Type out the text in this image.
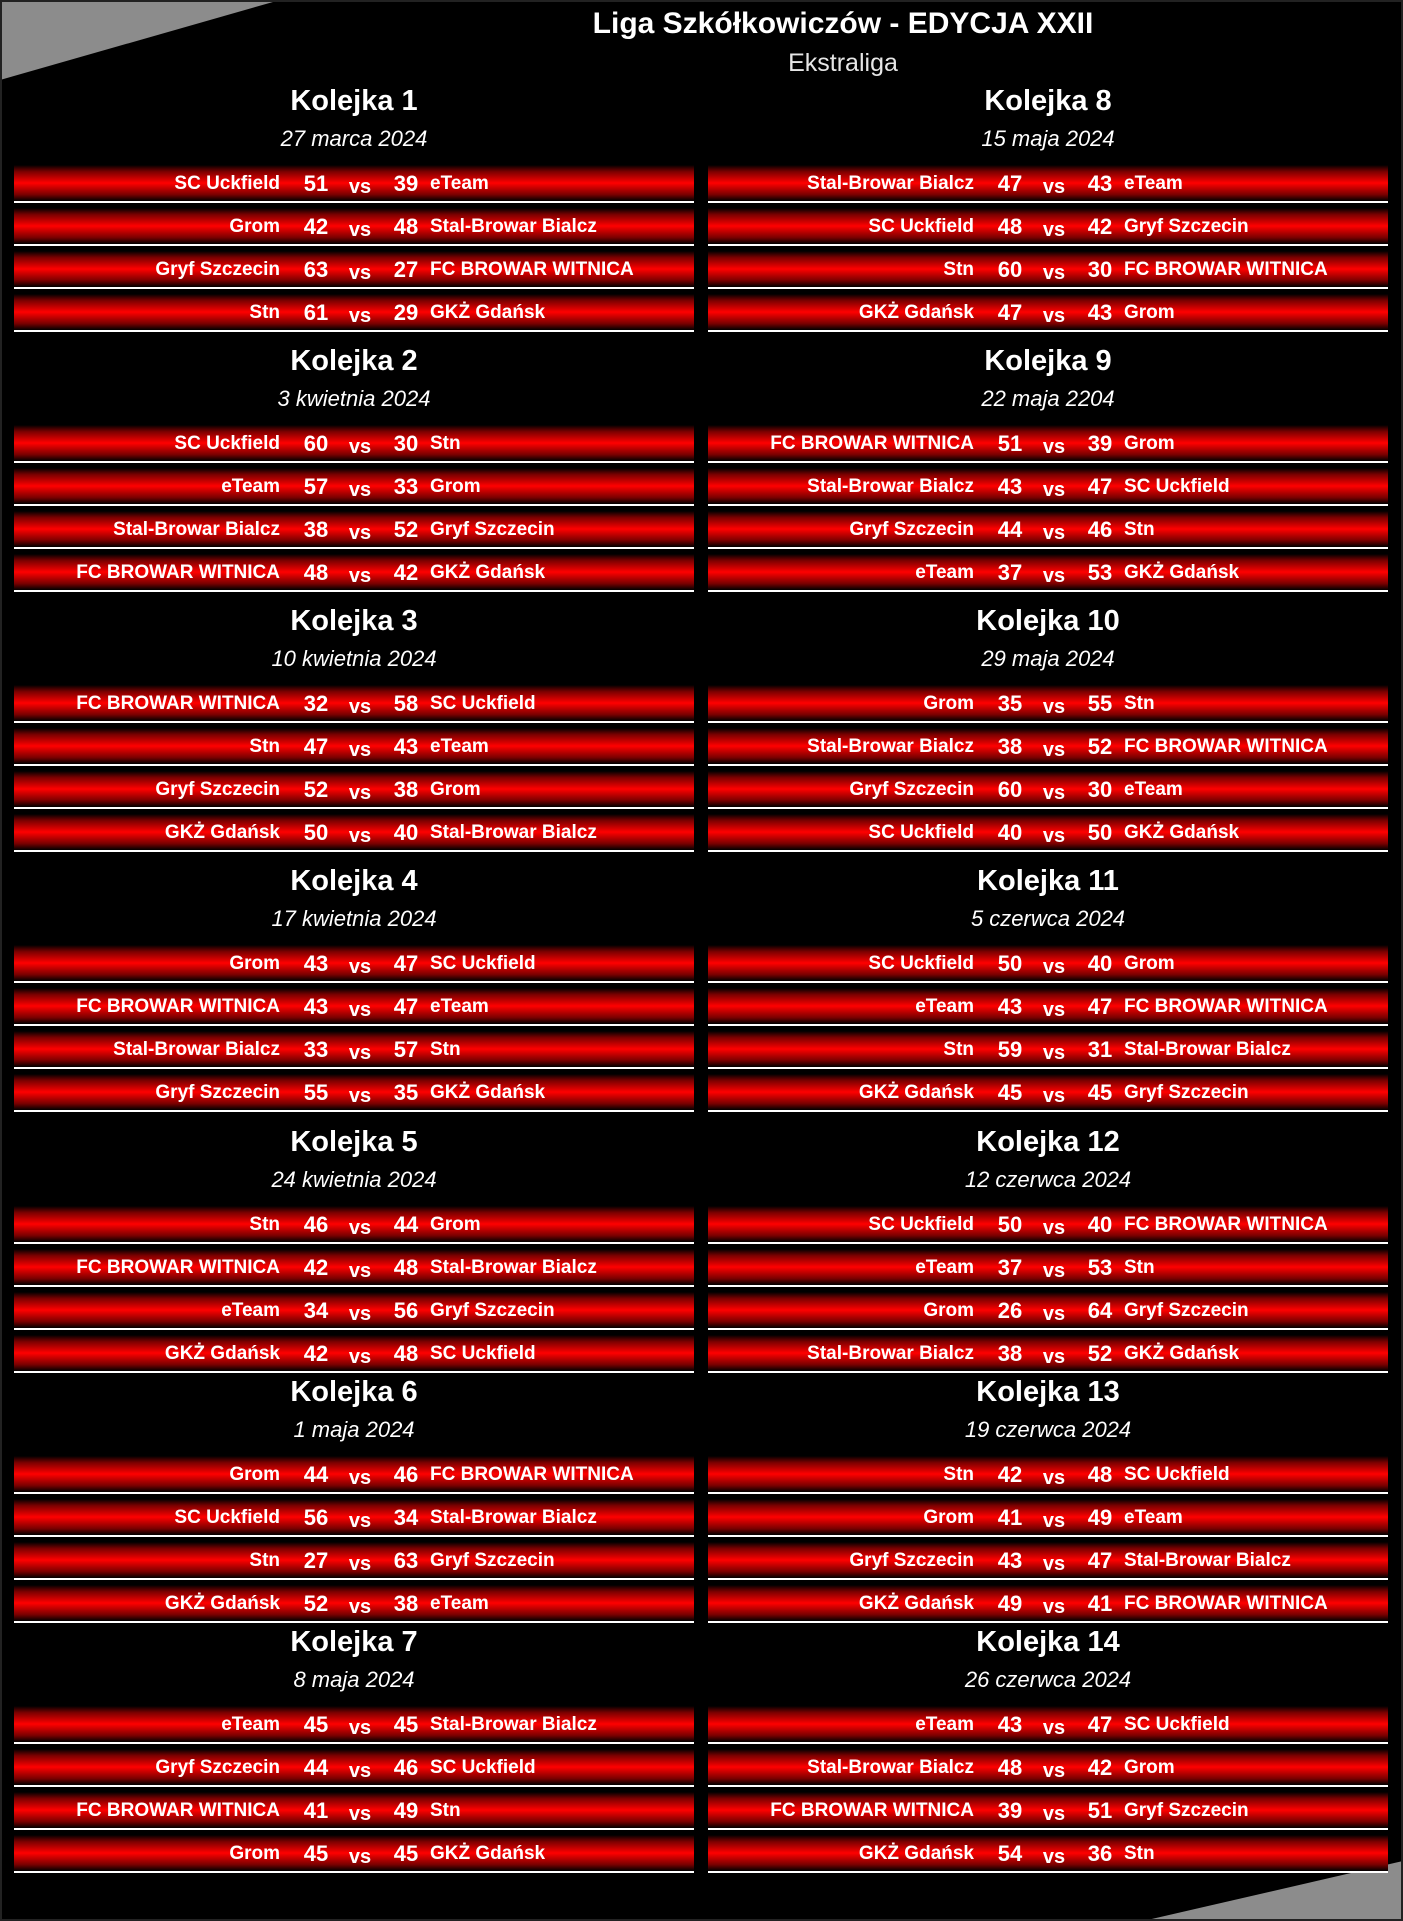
Liga Szkółkowiczów - EDYCJA XXII
Ekstraliga
Kolejka 1
27 marca 2024
SC Uckfield	51	vs	39 eTeam
Grom	42	vs	48 Stal-Browar Bialcz
Gryf Szczecin	63	vs	27 FC BROWAR WITNICA
Stn	61	vs	29 GKŻ Gdańsk
Kolejka 2
3 kwietnia 2024
SC Uckfield	60	vs	30 Stn
eTeam	57	vs	33 Grom
Stal-Browar Bialcz	38	vs	52 Gryf Szczecin
FC BROWAR WITNICA	48	vs	42 GKŻ Gdańsk
Kolejka 3
10 kwietnia 2024
FC BROWAR WITNICA	32	vs	58 SC Uckfield
Stn	47	vs	43 eTeam
Gryf Szczecin	52	vs	38 Grom
GKŻ Gdańsk	50	vs	40 Stal-Browar Bialcz
Kolejka 4
17 kwietnia 2024
Grom	43	vs	47 SC Uckfield
FC BROWAR WITNICA	43	vs	47 eTeam
Stal-Browar Bialcz	33	vs	57 Stn
Gryf Szczecin	55	vs	35 GKŻ Gdańsk
Kolejka 5
24 kwietnia 2024
Stn	46	vs	44 Grom
FC BROWAR WITNICA	42	vs	48 Stal-Browar Bialcz
eTeam	34	vs	56 Gryf Szczecin
GKŻ Gdańsk	42	vs	48 SC Uckfield
Kolejka 6
1 maja 2024
Grom	44	vs	46 FC BROWAR WITNICA
SC Uckfield	56	vs	34 Stal-Browar Bialcz
Stn	27	vs	63 Gryf Szczecin
GKŻ Gdańsk	52	vs	38 eTeam
Kolejka 7
8 maja 2024
eTeam	45	vs	45 Stal-Browar Bialcz
Gryf Szczecin	44	vs	46 SC Uckfield
FC BROWAR WITNICA	41	vs	49 Stn
Grom	45	vs	45 GKŻ Gdańsk
Kolejka 8
15 maja 2024
Stal-Browar Bialcz	47	vs	43 eTeam
SC Uckfield	48	vs	42 Gryf Szczecin
Stn	60	vs	30 FC BROWAR WITNICA
GKŻ Gdańsk	47	vs	43 Grom
Kolejka 9
22 maja 2204
FC BROWAR WITNICA	51	vs	39 Grom
Stal-Browar Bialcz	43	vs	47 SC Uckfield
Gryf Szczecin	44	vs	46 Stn
eTeam	37	vs	53 GKŻ Gdańsk
Kolejka 10
29 maja 2024
Grom	35	vs	55 Stn
Stal-Browar Bialcz	38	vs	52 FC BROWAR WITNICA
Gryf Szczecin	60	vs	30 eTeam
SC Uckfield	40	vs	50 GKŻ Gdańsk
Kolejka 11
5 czerwca 2024
SC Uckfield	50	vs	40 Grom
eTeam	43	vs	47 FC BROWAR WITNICA
Stn	59	vs	31 Stal-Browar Bialcz
GKŻ Gdańsk	45	vs	45 Gryf Szczecin
Kolejka 12
12 czerwca 2024
SC Uckfield	50	vs	40 FC BROWAR WITNICA
eTeam	37	vs	53 Stn
Grom	26	vs	64 Gryf Szczecin
Stal-Browar Bialcz	38	vs	52 GKŻ Gdańsk
Kolejka 13
19 czerwca 2024
Stn	42	vs	48 SC Uckfield
Grom	41	vs	49 eTeam
Gryf Szczecin	43	vs	47 Stal-Browar Bialcz
GKŻ Gdańsk	49	vs	41 FC BROWAR WITNICA
Kolejka 14
26 czerwca 2024
eTeam	43	vs	47 SC Uckfield
Stal-Browar Bialcz	48	vs	42 Grom
FC BROWAR WITNICA	39	vs	51 Gryf Szczecin
GKŻ Gdańsk	54	vs	36 Stn
